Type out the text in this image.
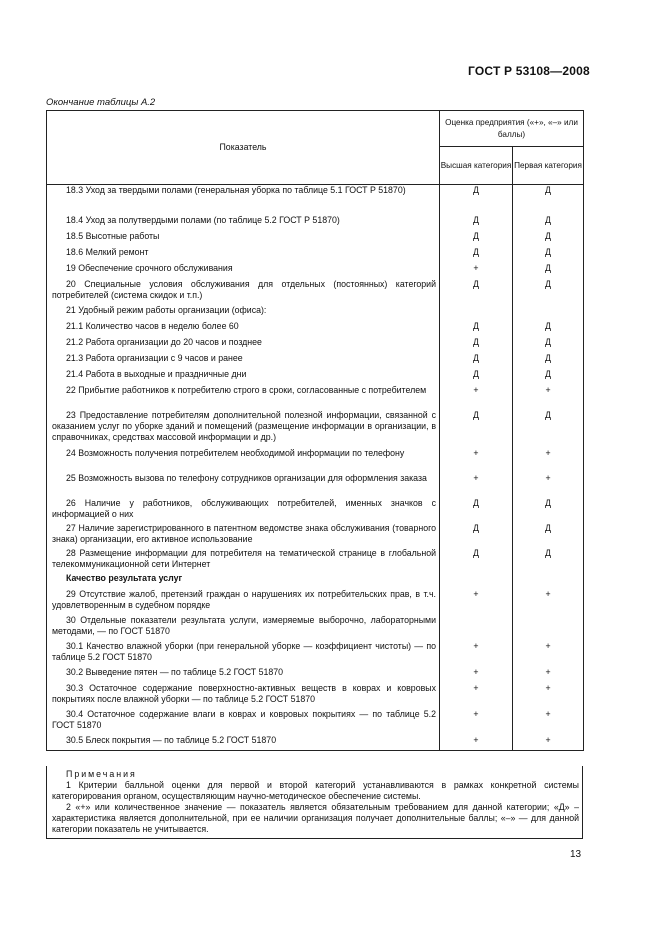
ГОСТ Р 53108—2008
Окончание таблицы А.2
Показатель	Оценка предприятия («+», «–» или баллы)	
	Высшая категория	Первая категория
18.3 Уход за твердыми полами (генеральная уборка по таблице 5.1 ГОСТ Р 51870)	Д	Д
18.4 Уход за полутвердыми полами (по таблице 5.2 ГОСТ Р 51870)	Д	Д
18.5 Высотные работы	Д	Д
18.6 Мелкий ремонт	Д	Д
19 Обеспечение срочного обслуживания	+	Д
20 Специальные условия обслуживания для отдельных (постоянных) категорий потребителей (система скидок и т.п.)	Д	Д
21 Удобный режим работы организации (офиса):		
21.1 Количество часов в неделю более 60	Д	Д
21.2 Работа организации до 20 часов и позднее	Д	Д
21.3 Работа организации с 9 часов и ранее	Д	Д
21.4 Работа в выходные и праздничные дни	Д	Д
22 Прибытие работников к потребителю строго в сроки, согласованные с потребителем	+	+
23 Предоставление потребителям дополнительной полезной информации, связанной с оказанием услуг по уборке зданий и помещений (размещение информации в организации, в справочниках, средствах массовой информации и др.)	Д	Д
24 Возможность получения потребителем необходимой информации по телефону	+	+
25 Возможность вызова по телефону сотрудников организации для оформления заказа	+	+
26 Наличие у работников, обслуживающих потребителей, именных значков с информацией о них	Д	Д
27 Наличие зарегистрированного в патентном ведомстве знака обслуживания (товарного знака) организации, его активное использование	Д	Д
28 Размещение информации для потребителя на тематической странице в глобальной телекоммуникационной сети Интернет	Д	Д
Качество результата услуг		
29 Отсутствие жалоб, претензий граждан о нарушениях их потребительских прав, в т.ч. удовлетворенным в судебном порядке	+	+
30 Отдельные показатели результата услуги, измеряемые выборочно, лабораторными методами, — по ГОСТ 51870		
30.1 Качество влажной уборки (при генеральной уборке — коэффициент чистоты) — по таблице 5.2 ГОСТ 51870	+	+
30.2 Выведение пятен — по таблице 5.2 ГОСТ 51870	+	+
30.3 Остаточное содержание поверхностно-активных веществ в коврах и ковровых покрытиях после влажной уборки — по таблице 5.2 ГОСТ 51870	+	+
30.4 Остаточное содержание влаги в коврах и ковровых покрытиях — по таблице 5.2 ГОСТ 51870	+	+
30.5 Блеск покрытия — по таблице 5.2 ГОСТ 51870	+	+

Примечания

1 Критерии балльной оценки для первой и второй категорий устанавливаются в рамках конкретной системы категорирования органом, осуществляющим научно-методическое обеспечение системы.

2 «+» или количественное значение — показатель является обязательным требованием для данной категории; «Д» – характеристика является дополнительной, при ее наличии организация получает дополнительные баллы; «–» — для данной категории показатель не учитывается.

13
